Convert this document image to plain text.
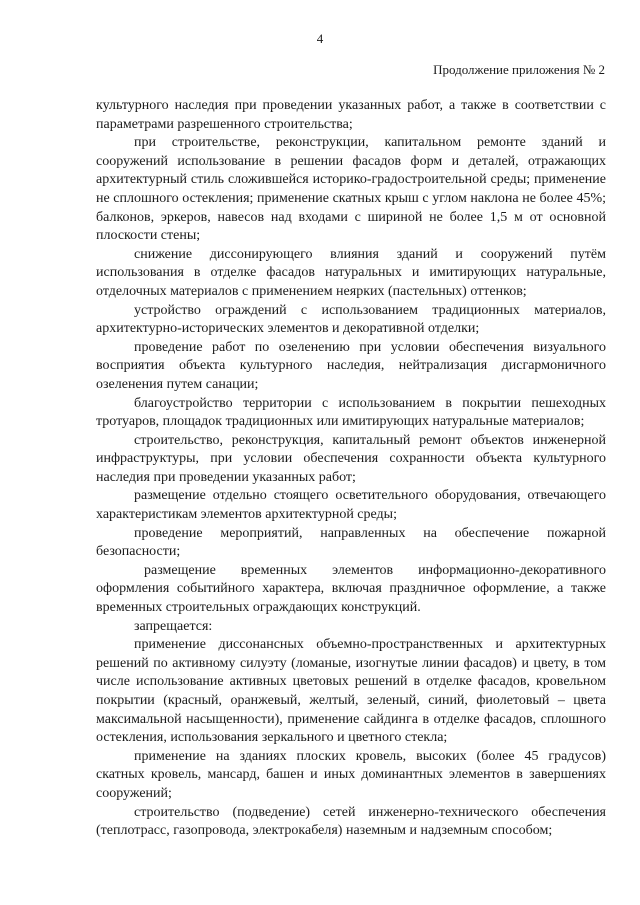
4
Продолжение приложения № 2

культурного наследия при проведении указанных работ, а также в соответствии с параметрами разрешенного строительства;

при строительстве, реконструкции, капитальном ремонте зданий и сооружений использование в решении фасадов форм и деталей, отражающих архитектурный стиль сложившейся историко-градостроительной среды; применение не сплошного остекления; применение скатных крыш с углом наклона не более 45%; балконов, эркеров, навесов над входами с шириной не более 1,5 м от основной плоскости стены;

снижение диссонирующего влияния зданий и сооружений путём использования в отделке фасадов натуральных и имитирующих натуральные, отделочных материалов с применением неярких (пастельных) оттенков;

устройство ограждений с использованием традиционных материалов, архитектурно-исторических элементов и декоративной отделки;

проведение работ по озеленению при условии обеспечения визуального восприятия объекта культурного наследия, нейтрализация дисгармоничного озеленения путем санации;

благоустройство территории с использованием в покрытии пешеходных тротуаров, площадок традиционных или имитирующих натуральные материалов;

строительство, реконструкция, капитальный ремонт объектов инженерной инфраструктуры, при условии обеспечения сохранности объекта культурного наследия при проведении указанных работ;

размещение отдельно стоящего осветительного оборудования, отвечающего характеристикам элементов архитектурной среды;

проведение мероприятий, направленных на обеспечение пожарной безопасности;

размещение временных элементов информационно-декоративного оформления событийного характера, включая праздничное оформление, а также временных строительных ограждающих конструкций.

запрещается:

применение диссонансных объемно-пространственных и архитектурных решений по активному силуэту (ломаные, изогнутые линии фасадов) и цвету, в том числе использование активных цветовых решений в отделке фасадов, кровельном покрытии (красный, оранжевый, желтый, зеленый, синий, фиолетовый – цвета максимальной насыщенности), применение сайдинга в отделке фасадов, сплошного остекления, использования зеркального и цветного стекла;

применение на зданиях плоских кровель, высоких (более 45 градусов) скатных кровель, мансард, башен и иных доминантных элементов в завершениях сооружений;

строительство (подведение) сетей инженерно-технического обеспечения (теплотрасс, газопровода, электрокабеля) наземным и надземным способом;
